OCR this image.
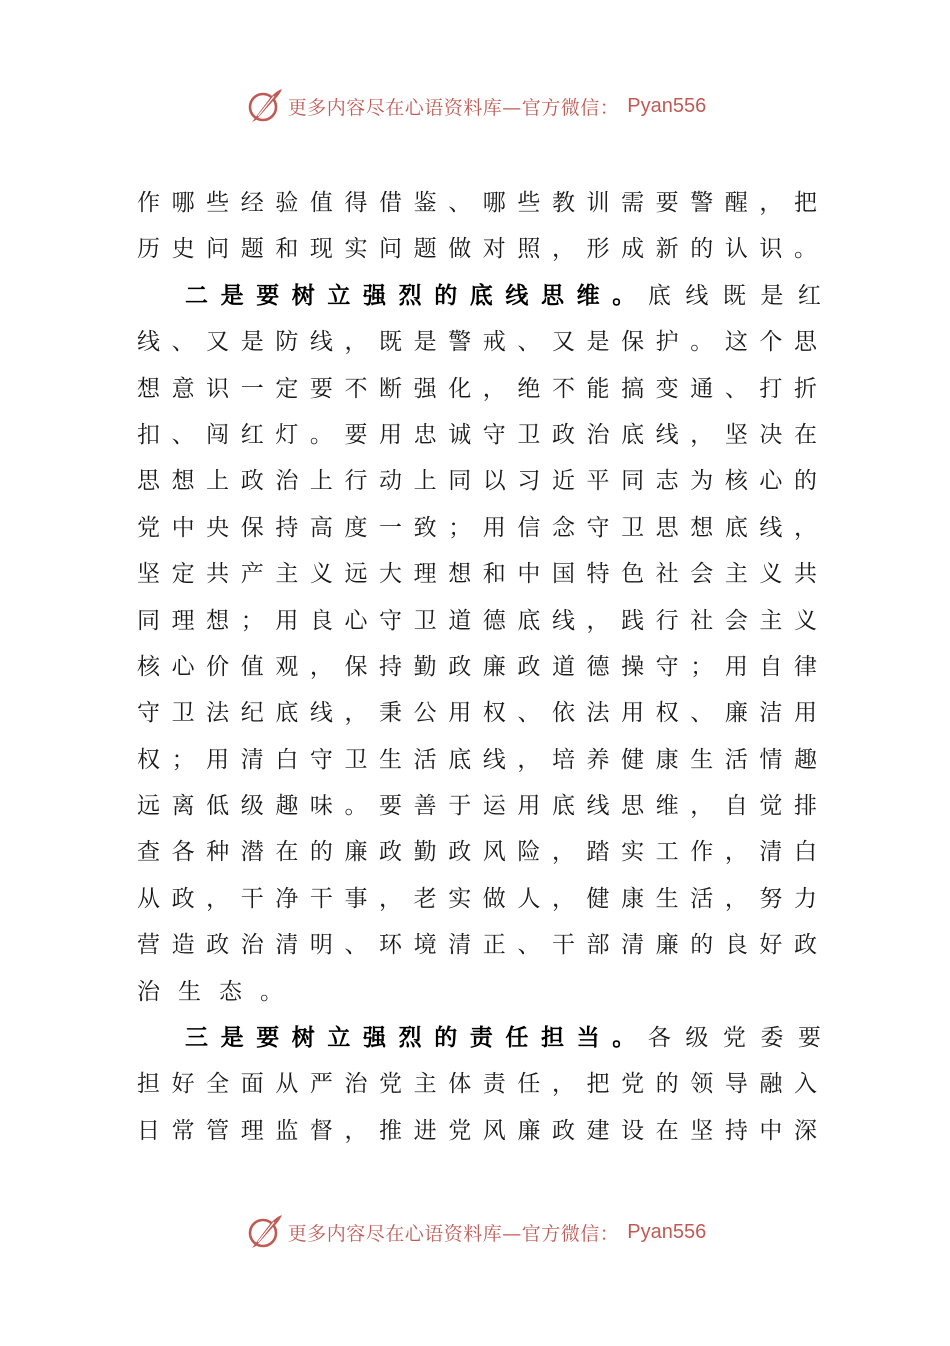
更多内容尽在心语资料库—官方微信： Pyan556
作 哪 些 经 验 值 得 借 鉴 、 哪 些 教 训 需 要 警 醒 ， 把
历 史 问 题 和 现 实 问 题 做 对 照 ， 形 成 新 的 认 识 。
二是要树立强烈的底线思维。 底线既是红
线 、 又 是 防 线 ， 既 是 警 戒 、 又 是 保 护 。 这 个 思
想 意 识 一 定 要 不 断 强 化 ， 绝 不 能 搞 变 通 、 打 折
扣 、 闯 红 灯 。 要 用 忠 诚 守 卫 政 治 底 线 ， 坚 决 在
思 想 上 政 治 上 行 动 上 同 以 习 近 平 同 志 为 核 心 的
党 中 央 保 持 高 度 一 致 ； 用 信 念 守 卫 思 想 底 线 ，
坚 定 共 产 主 义 远 大 理 想 和 中 国 特 色 社 会 主 义 共
同 理 想 ； 用 良 心 守 卫 道 德 底 线 ， 践 行 社 会 主 义
核 心 价 值 观 ， 保 持 勤 政 廉 政 道 德 操 守 ； 用 自 律
守 卫 法 纪 底 线 ， 秉 公 用 权 、 依 法 用 权 、 廉 洁 用
权 ； 用 清 白 守 卫 生 活 底 线 ， 培 养 健 康 生 活 情 趣
远 离 低 级 趣 味 。 要 善 于 运 用 底 线 思 维 ， 自 觉 排
查 各 种 潜 在 的 廉 政 勤 政 风 险 ， 踏 实 工 作 ， 清 白
从 政 ， 干 净 干 事 ， 老 实 做 人 ， 健 康 生 活 ， 努 力
营 造 政 治 清 明 、 环 境 清 正 、 干 部 清 廉 的 良 好 政
治生态。
三是要树立强烈的责任担当。 各级党委要
担 好 全 面 从 严 治 党 主 体 责 任 ， 把 党 的 领 导 融 入
日 常 管 理 监 督 ， 推 进 党 风 廉 政 建 设 在 坚 持 中 深
更多内容尽在心语资料库—官方微信： Pyan556
